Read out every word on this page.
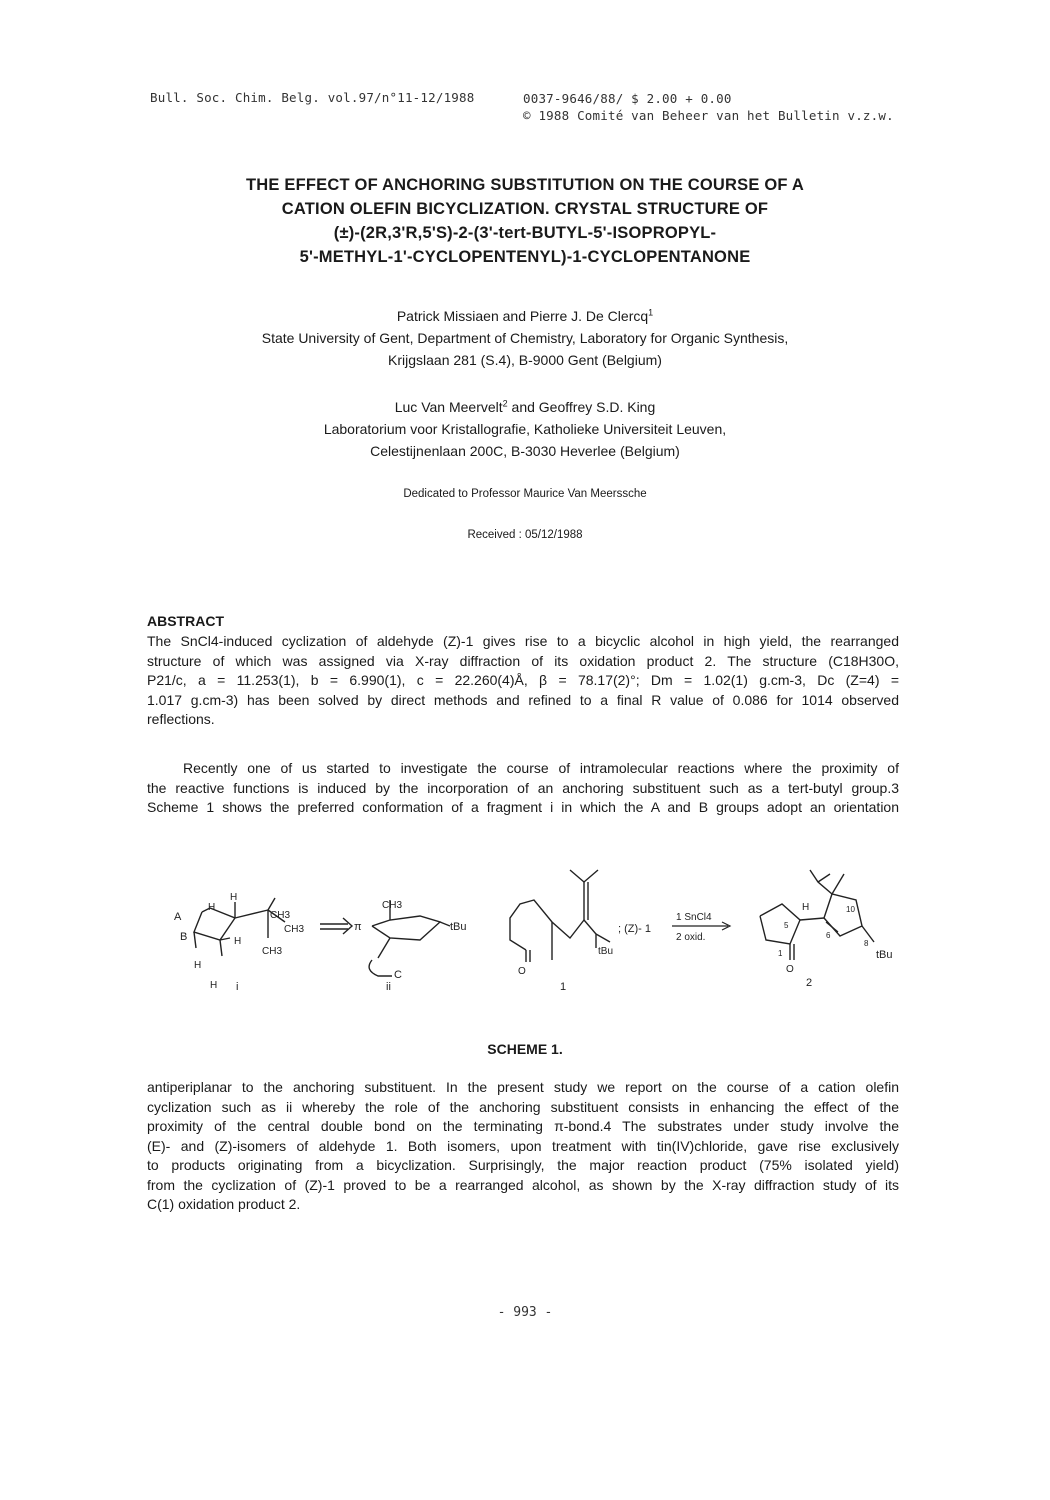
Bull. Soc. Chim. Belg. vol.97/n°11-12/1988	0037-9646/88/ $ 2.00 + 0.00
© 1988 Comité van Beheer van het Bulletin v.z.w.
THE EFFECT OF ANCHORING SUBSTITUTION ON THE COURSE OF A
CATION OLEFIN BICYCLIZATION. CRYSTAL STRUCTURE OF
(±)-(2R,3'R,5'S)-2-(3'-tert-BUTYL-5'-ISOPROPYL-
5'-METHYL-1'-CYCLOPENTENYL)-1-CYCLOPENTANONE
Patrick Missiaen and Pierre J. De Clercq$^1$
State University of Gent, Department of Chemistry, Laboratory for Organic Synthesis,
Krijgslaan 281 (S.4), B-9000 Gent (Belgium)
Luc Van Meervelt$^2$ and Geoffrey S.D. King
Laboratorium voor Kristallografie, Katholieke Universiteit Leuven,
Celestijnenlaan 200C, B-3030 Heverlee (Belgium)
Dedicated to Professor Maurice Van Meerssche
Received : 05/12/1988
ABSTRACT
The SnCl4-induced cyclization of aldehyde (Z)-1 gives rise to a bicyclic alcohol in high yield, the rearranged
structure of which was assigned via X-ray diffraction of its oxidation product 2. The structure (C18H30O,
P21/c, a = 11.253(1), b = 6.990(1), c = 22.260(4)Å, β = 78.17(2)°; Dm = 1.02(1) g.cm-3, Dc (Z=4) =
1.017 g.cm-3) has been solved by direct methods and refined to a final R value of 0.086 for 1014 observed
reflections.
Recently one of us started to investigate the course of intramolecular reactions where the proximity of
the reactive functions is induced by the incorporation of an anchoring substituent such as a tert-butyl group.3
Scheme 1 shows the preferred conformation of a fragment i in which the A and B groups adopt an orientation
A
B
H
H
H
H
H
CH3
CH3
CH3
i
π
CH3
tBu
C
ii
O
tBu
1
; (Z)- 1
1 SnCl4
2 oxid.
H
5
6
10
8
1
O
tBu
2
SCHEME 1.
antiperiplanar to the anchoring substituent. In the present study we report on the course of a cation olefin
cyclization such as ii whereby the role of the anchoring substituent consists in enhancing the effect of the
proximity of the central double bond on the terminating π-bond.4 The substrates under study involve the
(E)- and (Z)-isomers of aldehyde 1. Both isomers, upon treatment with tin(IV)chloride, gave rise exclusively
to products originating from a bicyclization. Surprisingly, the major reaction product (75% isolated yield)
from the cyclization of (Z)-1 proved to be a rearranged alcohol, as shown by the X-ray diffraction study of its
C(1) oxidation product 2.
- 993 -
